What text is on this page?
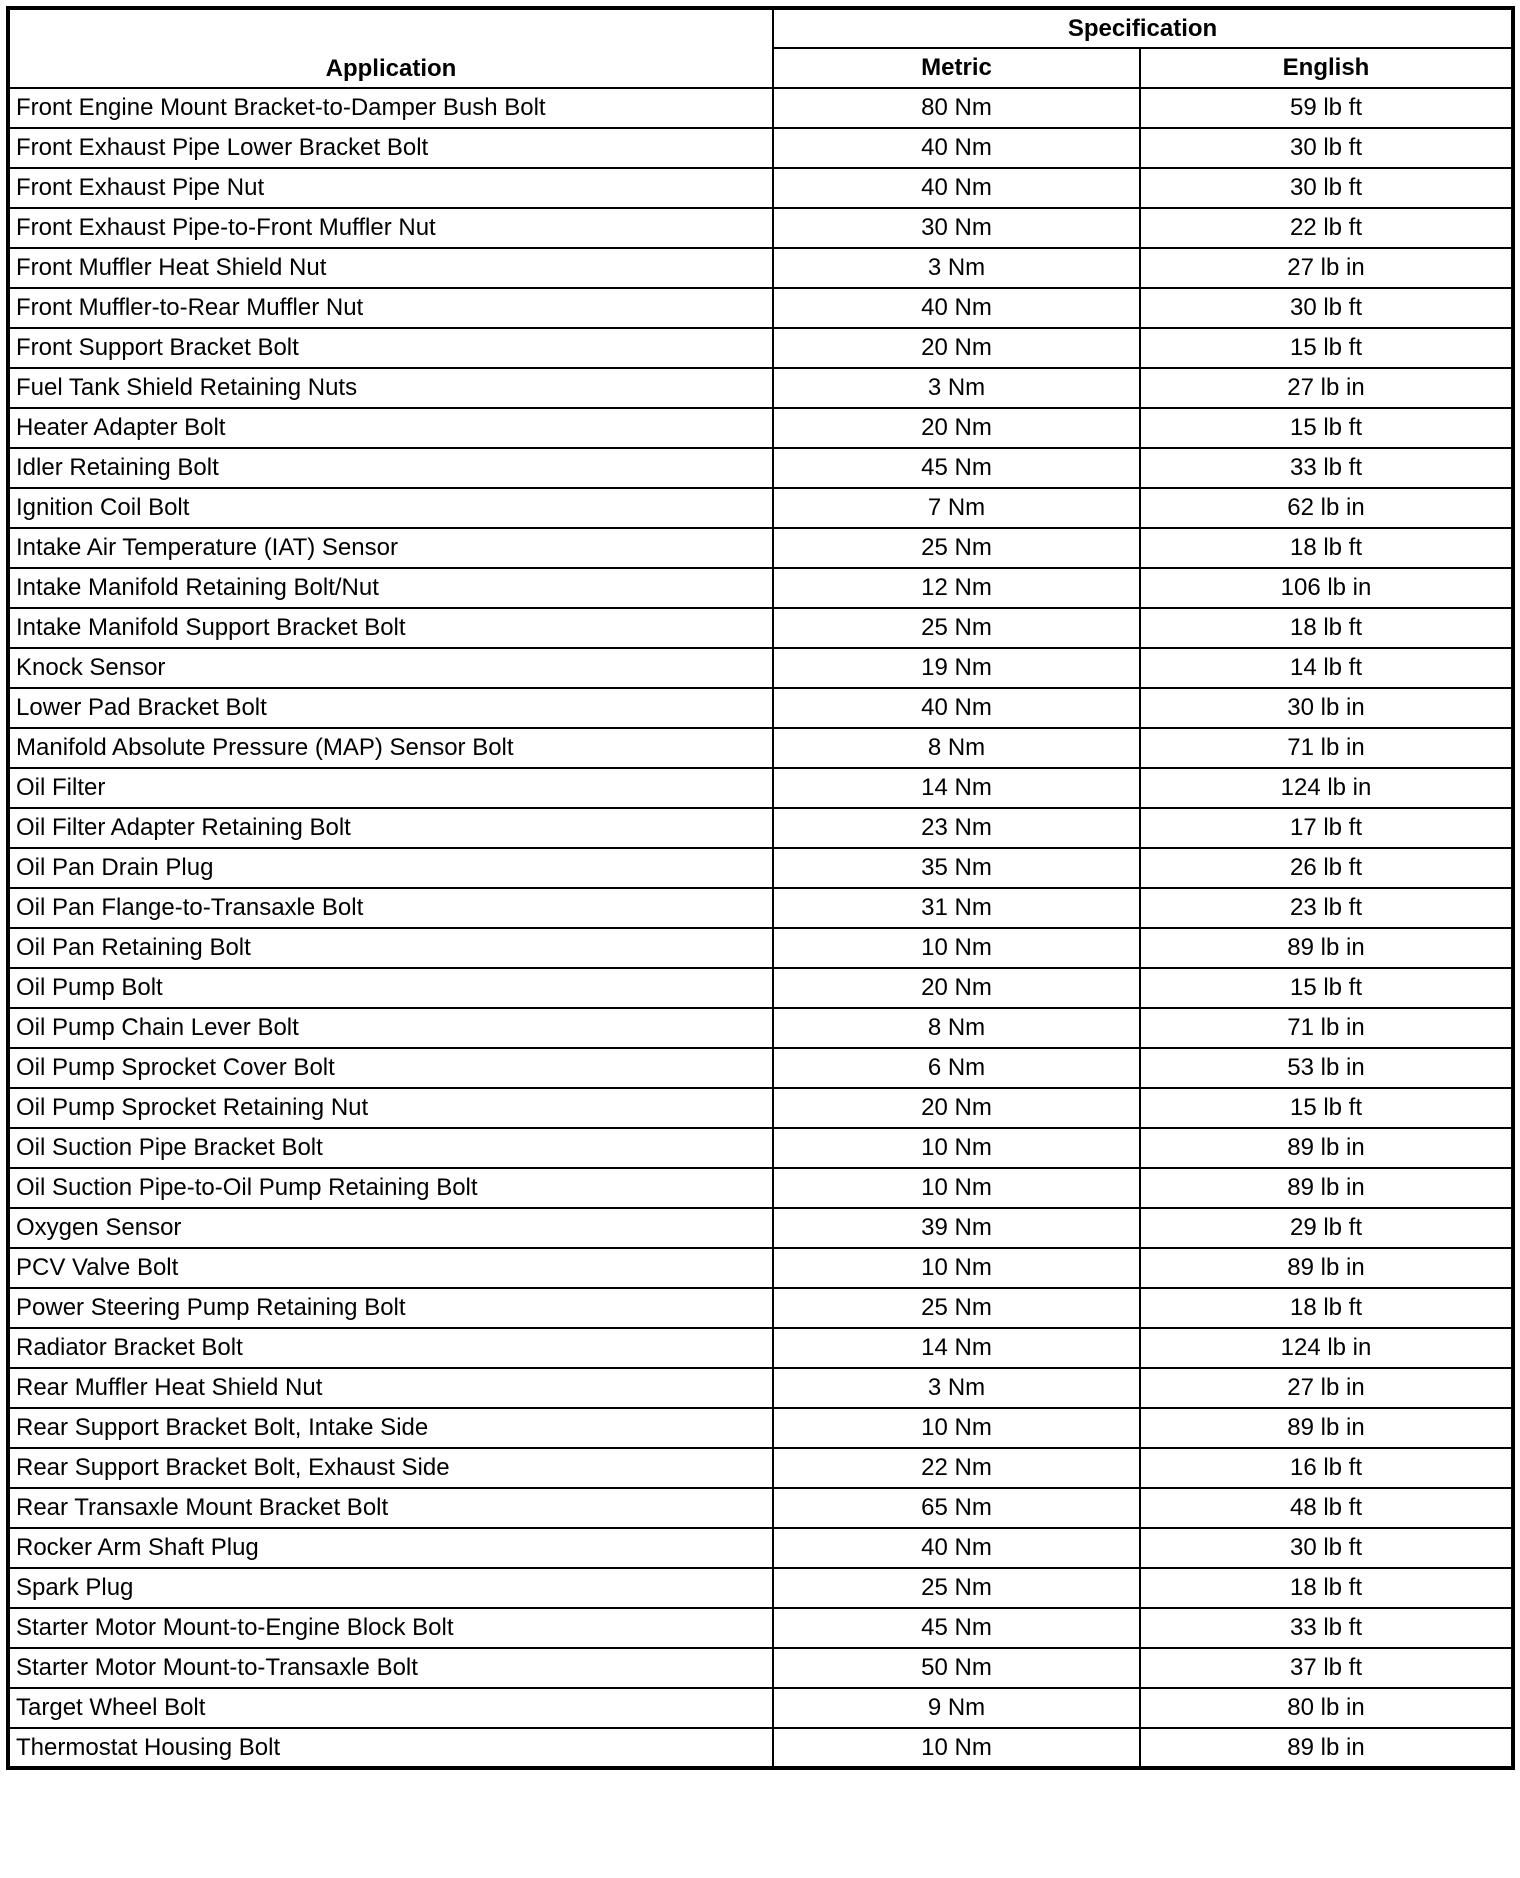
Application	Specification	
	Metric	English
Front Engine Mount Bracket-to-Damper Bush Bolt	80 Nm	59 lb ft
Front Exhaust Pipe Lower Bracket Bolt	40 Nm	30 lb ft
Front Exhaust Pipe Nut	40 Nm	30 lb ft
Front Exhaust Pipe-to-Front Muffler Nut	30 Nm	22 lb ft
Front Muffler Heat Shield Nut	3 Nm	27 lb in
Front Muffler-to-Rear Muffler Nut	40 Nm	30 lb ft
Front Support Bracket Bolt	20 Nm	15 lb ft
Fuel Tank Shield Retaining Nuts	3 Nm	27 lb in
Heater Adapter Bolt	20 Nm	15 lb ft
Idler Retaining Bolt	45 Nm	33 lb ft
Ignition Coil Bolt	7 Nm	62 lb in
Intake Air Temperature (IAT) Sensor	25 Nm	18 lb ft
Intake Manifold Retaining Bolt/Nut	12 Nm	106 lb in
Intake Manifold Support Bracket Bolt	25 Nm	18 lb ft
Knock Sensor	19 Nm	14 lb ft
Lower Pad Bracket Bolt	40 Nm	30 lb in
Manifold Absolute Pressure (MAP) Sensor Bolt	8 Nm	71 lb in
Oil Filter	14 Nm	124 lb in
Oil Filter Adapter Retaining Bolt	23 Nm	17 lb ft
Oil Pan Drain Plug	35 Nm	26 lb ft
Oil Pan Flange-to-Transaxle Bolt	31 Nm	23 lb ft
Oil Pan Retaining Bolt	10 Nm	89 lb in
Oil Pump Bolt	20 Nm	15 lb ft
Oil Pump Chain Lever Bolt	8 Nm	71 lb in
Oil Pump Sprocket Cover Bolt	6 Nm	53 lb in
Oil Pump Sprocket Retaining Nut	20 Nm	15 lb ft
Oil Suction Pipe Bracket Bolt	10 Nm	89 lb in
Oil Suction Pipe-to-Oil Pump Retaining Bolt	10 Nm	89 lb in
Oxygen Sensor	39 Nm	29 lb ft
PCV Valve Bolt	10 Nm	89 lb in
Power Steering Pump Retaining Bolt	25 Nm	18 lb ft
Radiator Bracket Bolt	14 Nm	124 lb in
Rear Muffler Heat Shield Nut	3 Nm	27 lb in
Rear Support Bracket Bolt, Intake Side	10 Nm	89 lb in
Rear Support Bracket Bolt, Exhaust Side	22 Nm	16 lb ft
Rear Transaxle Mount Bracket Bolt	65 Nm	48 lb ft
Rocker Arm Shaft Plug	40 Nm	30 lb ft
Spark Plug	25 Nm	18 lb ft
Starter Motor Mount-to-Engine Block Bolt	45 Nm	33 lb ft
Starter Motor Mount-to-Transaxle Bolt	50 Nm	37 lb ft
Target Wheel Bolt	9 Nm	80 lb in
Thermostat Housing Bolt	10 Nm	89 lb in
